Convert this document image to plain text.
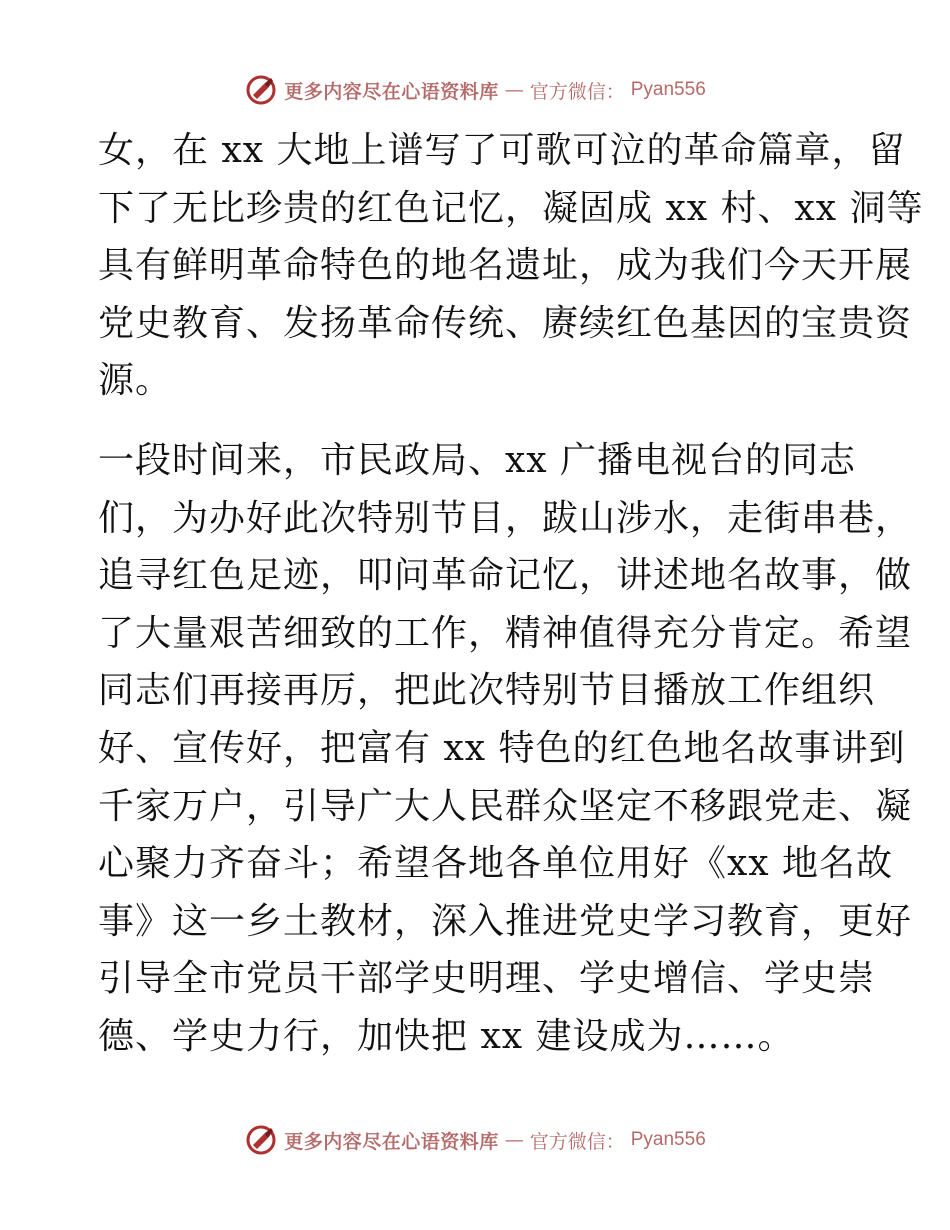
更多内容尽在心语资料库 — 官方微信： Pyan556
女，在 xx 大地上谱写了可歌可泣的革命篇章，留
下了无比珍贵的红色记忆，凝固成 xx 村、xx 洞等
具有鲜明革命特色的地名遗址，成为我们今天开展
党史教育、发扬革命传统、赓续红色基因的宝贵资
源。
一段时间来，市民政局、xx 广播电视台的同志
们，为办好此次特别节目，跋山涉水，走街串巷，
追寻红色足迹，叩问革命记忆，讲述地名故事，做
了大量艰苦细致的工作，精神值得充分肯定。希望
同志们再接再厉，把此次特别节目播放工作组织
好、宣传好，把富有 xx 特色的红色地名故事讲到
千家万户，引导广大人民群众坚定不移跟党走、凝
心聚力齐奋斗；希望各地各单位用好《xx 地名故
事》这一乡土教材，深入推进党史学习教育，更好
引导全市党员干部学史明理、学史增信、学史崇
德、学史力行，加快把 xx 建设成为……。
更多内容尽在心语资料库 — 官方微信： Pyan556
